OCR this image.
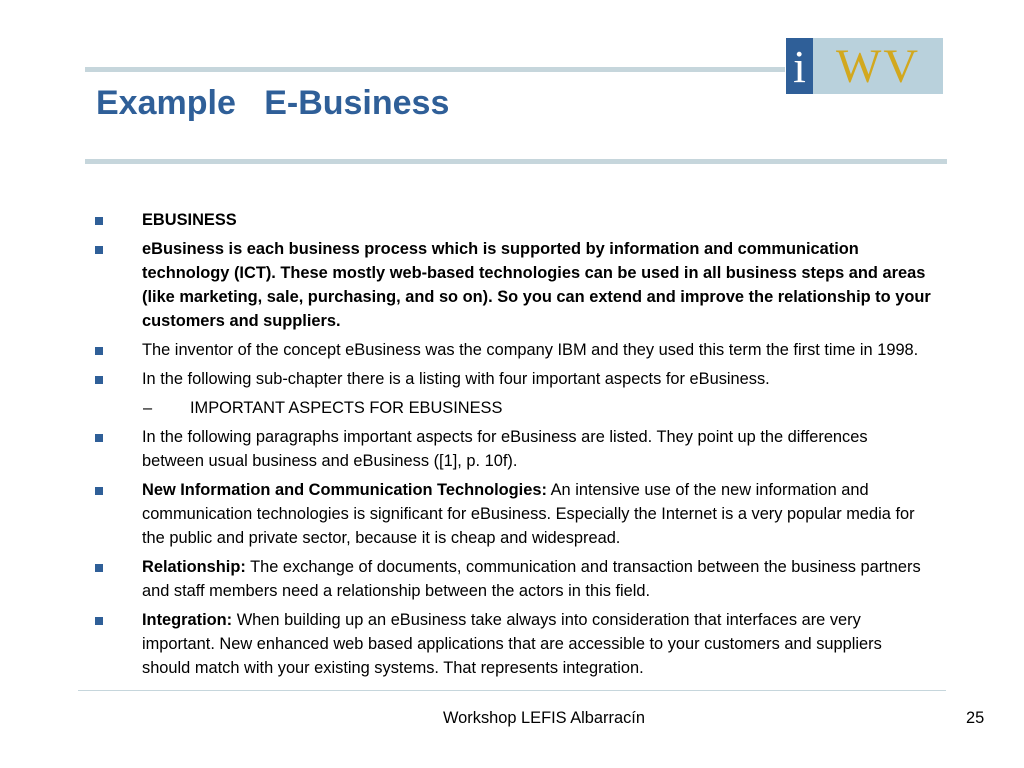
i WV
Example   E-Business
EBUSINESS
eBusiness is each business process which is supported by information and communication technology (ICT). These mostly web-based technologies can be used in all business steps and areas (like marketing, sale, purchasing, and so on). So you can extend and improve the relationship to your customers and suppliers.
The inventor of the concept eBusiness was the company IBM and they used this term the first time in 1998.
In the following sub-chapter there is a listing with four important aspects for eBusiness.
– IMPORTANT ASPECTS FOR EBUSINESS
In the following paragraphs important aspects for eBusiness are listed. They point up the differences between usual business and eBusiness ([1], p. 10f).
New Information and Communication Technologies: An intensive use of the new information and communication technologies is significant for eBusiness. Especially the Internet is a very popular media for the public and private sector, because it is cheap and widespread.
Relationship: The exchange of documents, communication and transaction between the business partners and staff members need a relationship between the actors in this field.
Integration: When building up an eBusiness take always into consideration that interfaces are very important. New enhanced web based applications that are accessible to your customers and suppliers should match with your existing systems. That represents integration.
Workshop LEFIS Albarracín	25
